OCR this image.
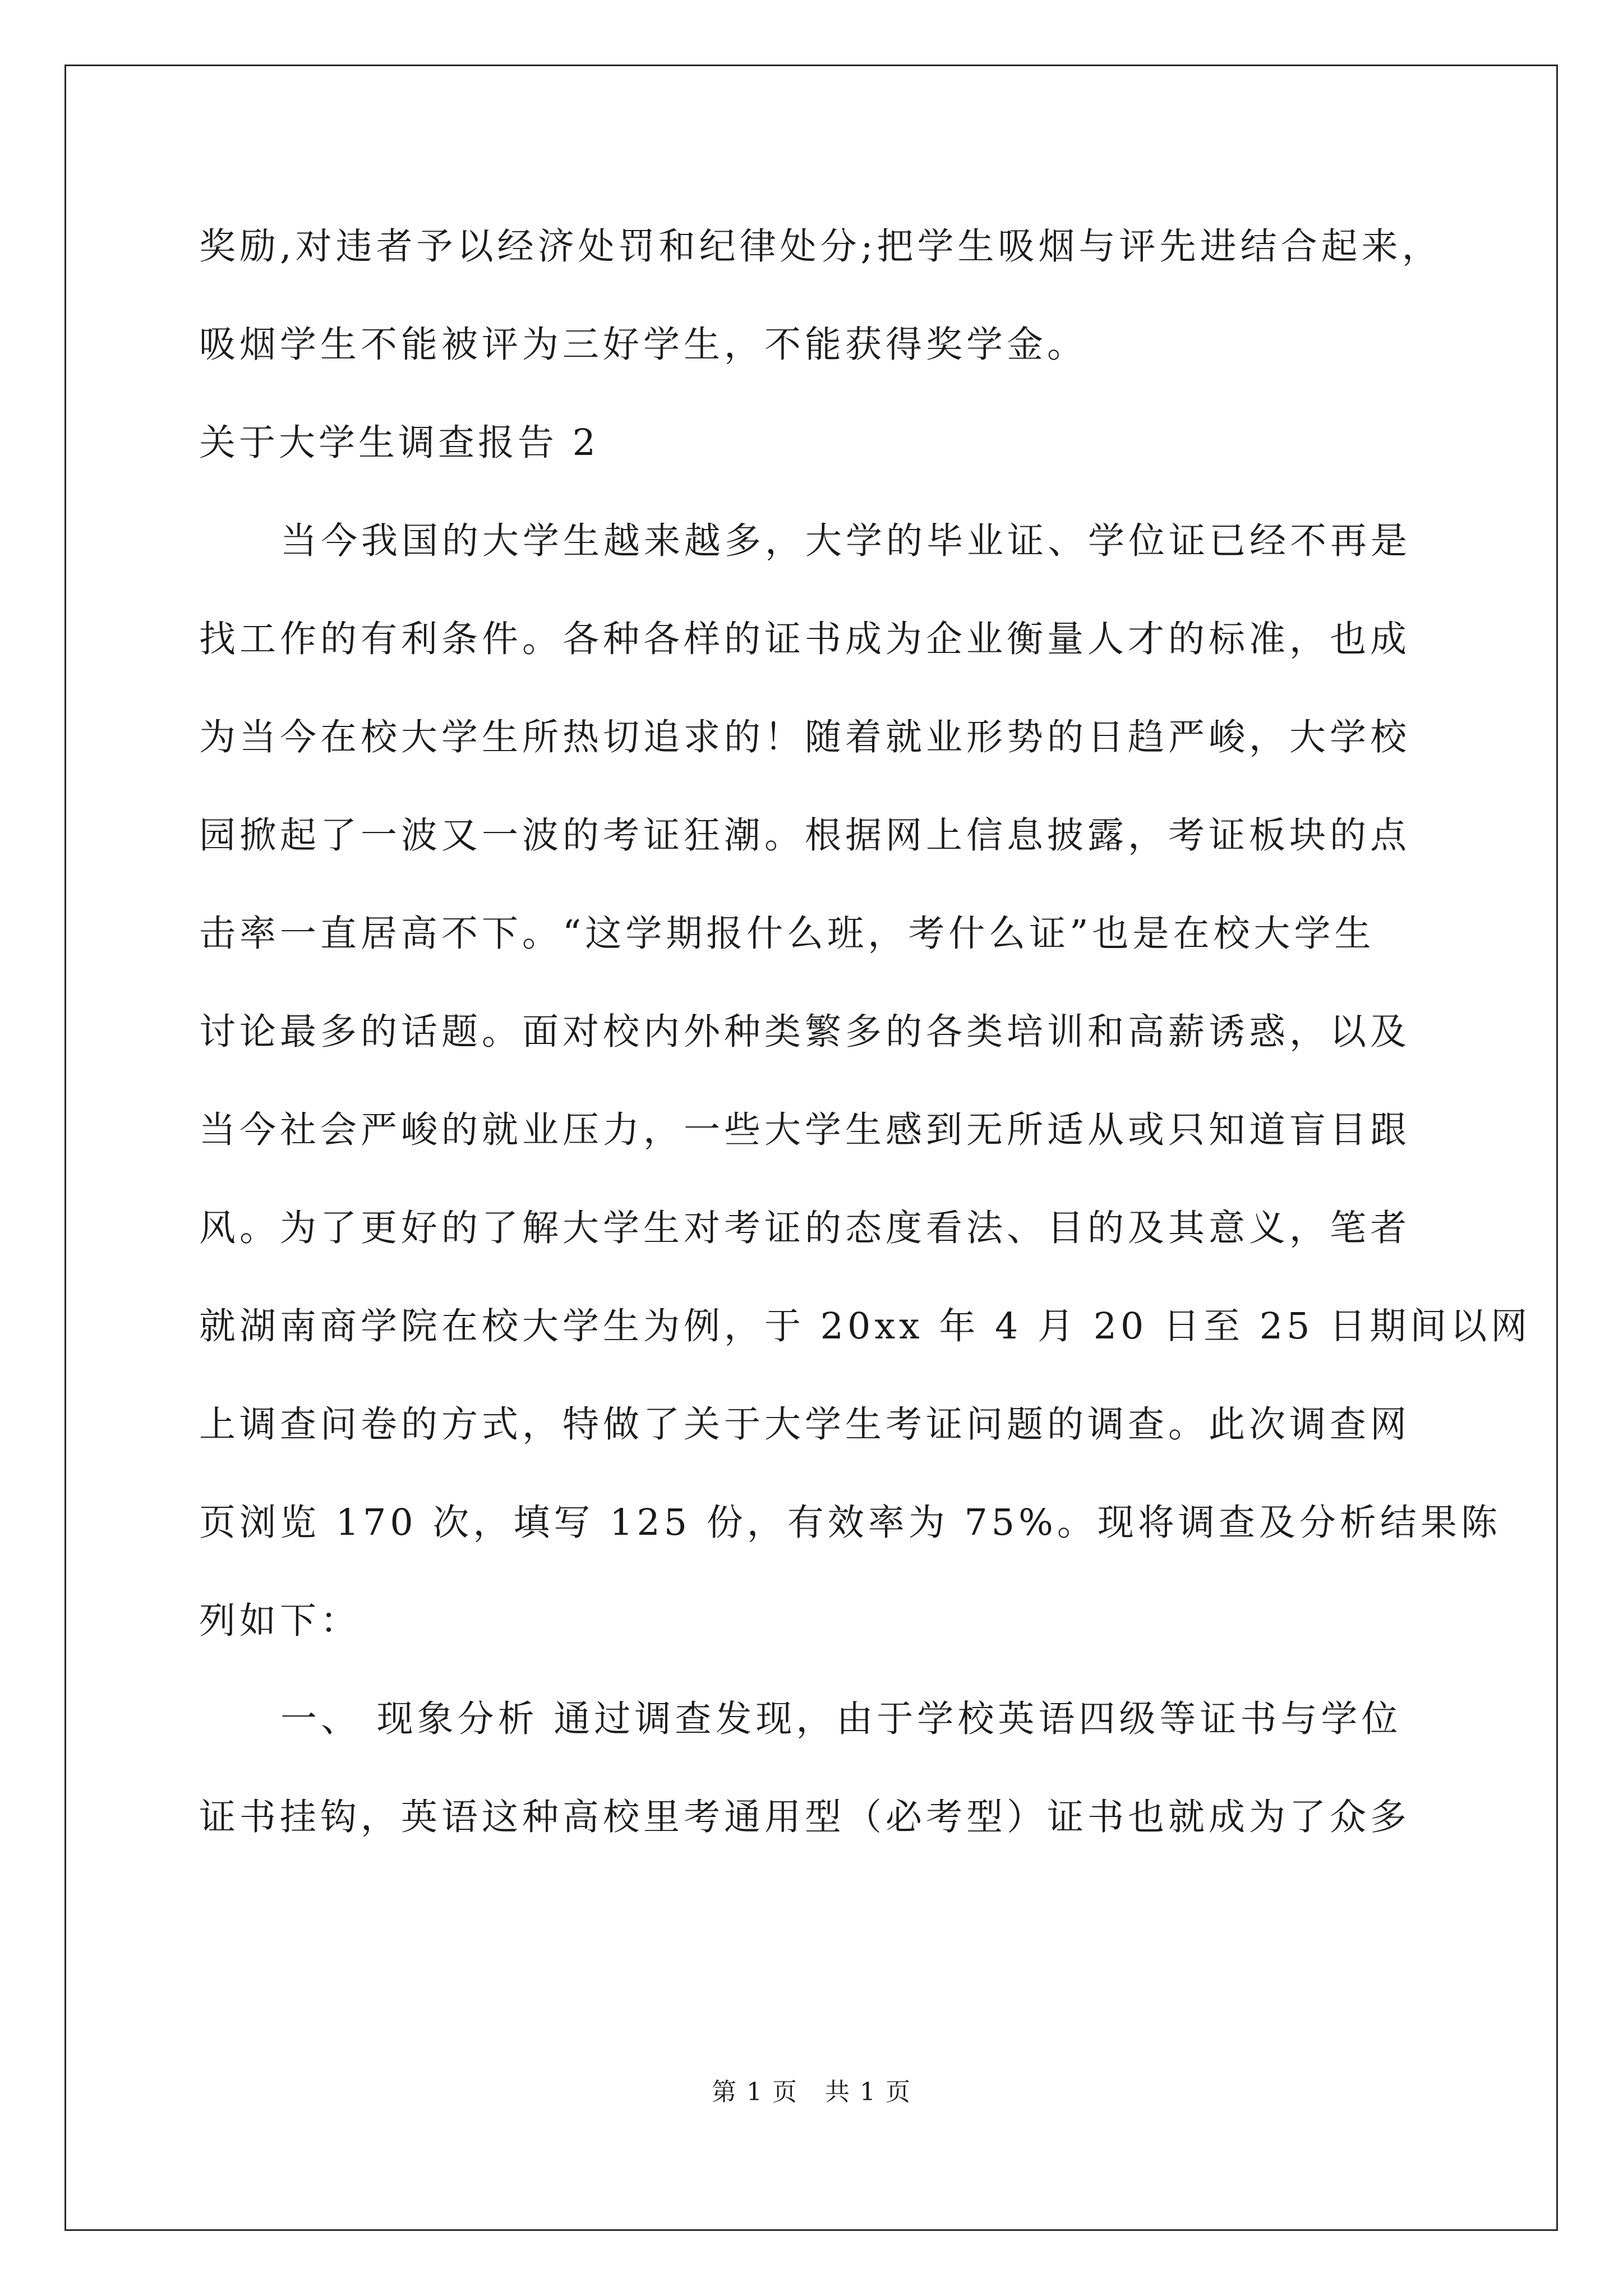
奖励,对违者予以经济处罚和纪律处分;把学生吸烟与评先进结合起来，
吸烟学生不能被评为三好学生，不能获得奖学金。
关于大学生调查报告 2
当今我国的大学生越来越多，大学的毕业证、学位证已经不再是
找工作的有利条件。各种各样的证书成为企业衡量人才的标准，也成
为当今在校大学生所热切追求的！随着就业形势的日趋严峻，大学校
园掀起了一波又一波的考证狂潮。根据网上信息披露，考证板块的点
击率一直居高不下。“这学期报什么班，考什么证”也是在校大学生
讨论最多的话题。面对校内外种类繁多的各类培训和高薪诱惑，以及
当今社会严峻的就业压力，一些大学生感到无所适从或只知道盲目跟
风。为了更好的了解大学生对考证的态度看法、目的及其意义，笔者
就湖南商学院在校大学生为例，于 20xx 年 4 月 20 日至 25 日期间以网
上调查问卷的方式，特做了关于大学生考证问题的调查。此次调查网
页浏览 170 次，填写 125 份，有效率为 75%。现将调查及分析结果陈
列如下：
一、 现象分析 通过调查发现，由于学校英语四级等证书与学位
证书挂钩，英语这种高校里考通用型（必考型）证书也就成为了众多
第 1 页   共 1 页
